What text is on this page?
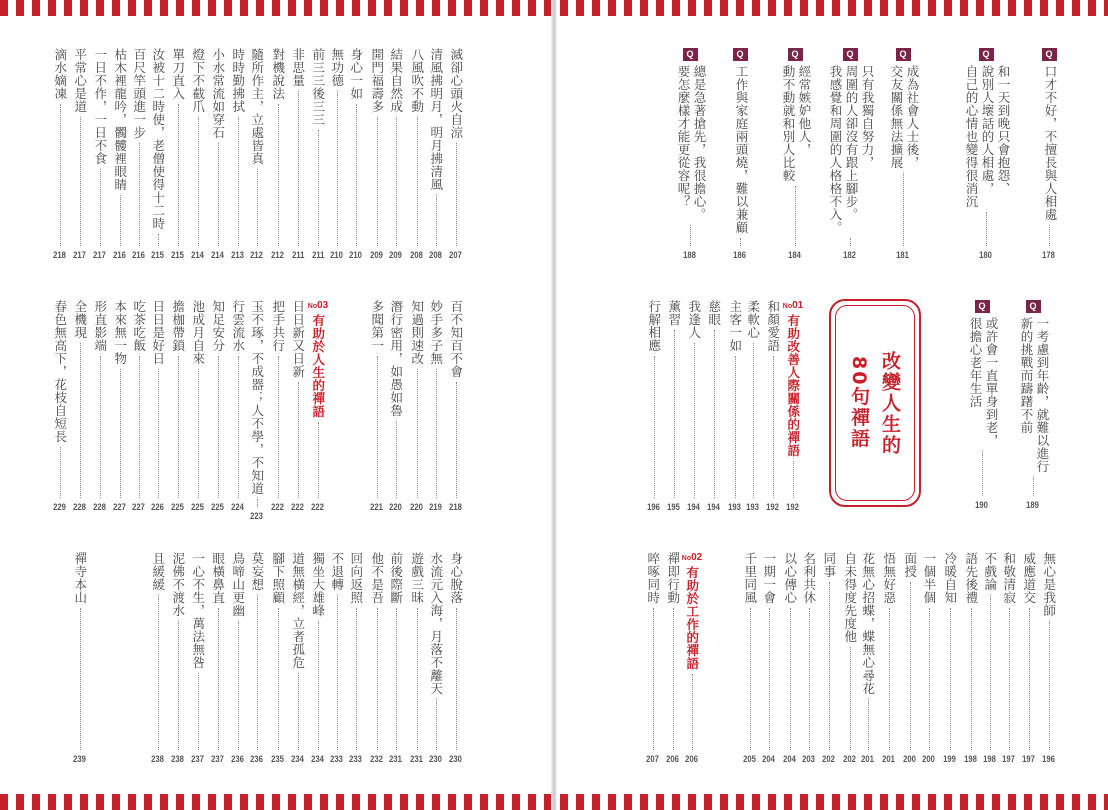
Q
口才不好，不擅長與人相處
178
Q
和一天到晚只會抱怨、
說別人壞話的人相處，
自己的心情也變得很消沉
180
Q
成為社會人士後，
交友關係無法擴展
181
Q
只有我獨自努力，
周圍的人卻沒有跟上腳步。
我感覺和周圍的人格格不入。
182
Q
經常嫉妒他人，
動不動就和別人比較
184
Q
工作與家庭兩頭燒，難以兼顧
186
Q
總是急著搶先，我很擔心。
要怎麼樣才能更從容呢？
188
Q
一考慮到年齡，就難以進行
新的挑戰而躊躇不前
189
Q
或許會一直單身到老，
很擔心老年生活
190
No01
有助改善人際關係的禪語
192
和顏愛語
192
柔軟心
193
主客一如
193
慈眼
194
我逢人
194
薰習
195
行解相應
196
無心是我師
196
威應道交
197
和敬清寂
197
不戲論
198
語先後禮
198
冷暖自知
199
一個半個
200
面授
200
悟無好惡
201
花無心招蝶，蝶無心尋花
201
自未得度先度他
202
同事
202
名利共休
203
以心傳心
204
一期一會
204
千里同風
205
No02
有助於工作的禪語
206
禪即行動
206
啐啄同時
207
滅卻心頭火自涼
207
清風拂明月，明月拂清風
208
八風吹不動
208
結果自然成
209
開門福壽多
209
身心一如
210
無功德
210
前三三後三三
211
非思量
211
對機說法
212
隨所作主，立處皆真
212
時時勤拂拭
213
小水常流如穿石
214
燈下不截爪
214
單刀直入
215
汝被十二時使，老僧使得十二時
215
百尺竿頭進一步
216
枯木裡龍吟，髑髏裡眼睛
216
一日不作，一日不食
217
平常心是道
217
滴水嫡凍
218
百不知百不會
218
妙手多子無
219
知過則速改
220
潛行密用，如愚如魯
220
多聞第一
221
No03
有助於人生的禪語
222
日日新又日新
222
把手共行
222
玉不琢，不成器；人不學，不知道
223
行雲流水
224
知足安分
225
池成月自來
225
擔枷帶鎖
225
日日是好日
226
吃茶吃飯
227
本來無一物
227
形直影端
228
全機現
228
春色無高下，花枝自短長
229
身心脫落
230
水流元入海，月落不離天
230
遊戲三昧
231
前後際斷
231
他不是吾
232
回向返照
233
不退轉
233
獨坐大雄峰
234
道無橫經，立者孤危
234
腳下照顧
235
莫妄想
236
鳥啼山更幽
236
眼橫鼻直
237
一心不生，萬法無咎
237
泥佛不渡水
238
且緩緩
238
禪寺本山
239
改變人生的
80句禪語
